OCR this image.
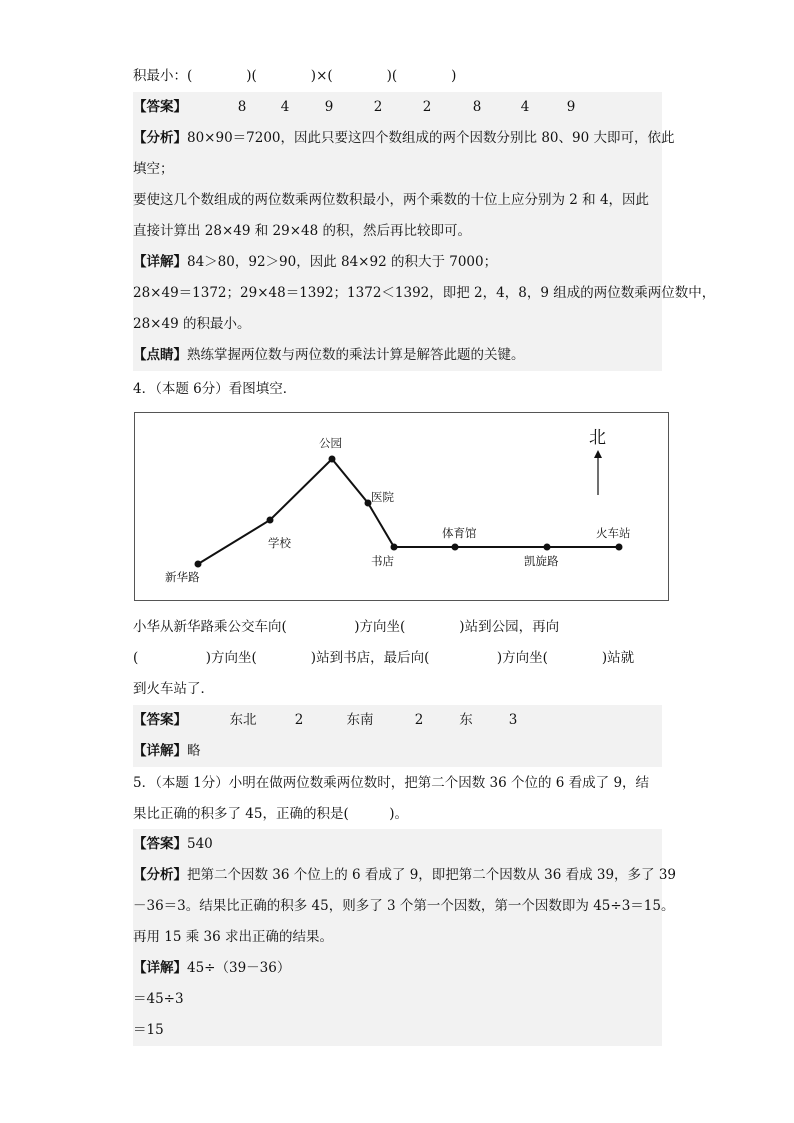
积最小：(　　　　)(　　　　)×(　　　　)(　　　　)
【答案】	8	4	9	2	2	8	4	9
【分析】80×90＝7200，因此只要这四个数组成的两个因数分别比 80、90 大即可，依此
填空；
要使这几个数组成的两位数乘两位数积最小，两个乘数的十位上应分别为 2 和 4，因此
直接计算出 28×49 和 29×48 的积，然后再比较即可。
【详解】84＞80，92＞90，因此 84×92 的积大于 7000；
28×49＝1372；29×48＝1392；1372＜1392，即把 2，4，8，9 组成的两位数乘两位数中，
28×49 的积最小。
【点睛】熟练掌握两位数与两位数的乘法计算是解答此题的关键。
4．（本题 6分）看图填空．
北
新华路
学校
公园
医院
书店
体育馆
凯旋路
火车站
小华从新华路乘公交车向(　　　　　)方向坐(　　　　)站到公园，再向
(　　　　　)方向坐(　　　　)站到书店，最后向(　　　　　)方向坐(　　　　)站就
到火车站了．
【答案】	东北	2	东南	2	东	3
【详解】略
5．（本题 1分）小明在做两位数乘两位数时，把第二个因数 36 个位的 6 看成了 9，结
果比正确的积多了 45，正确的积是(　　　)。
【答案】540
【分析】把第二个因数 36 个位上的 6 看成了 9，即把第二个因数从 36 看成 39，多了 39
－36＝3。结果比正确的积多 45，则多了 3 个第一个因数，第一个因数即为 45÷3＝15。
再用 15 乘 36 求出正确的结果。
【详解】45÷（39－36）
＝45÷3
＝15
